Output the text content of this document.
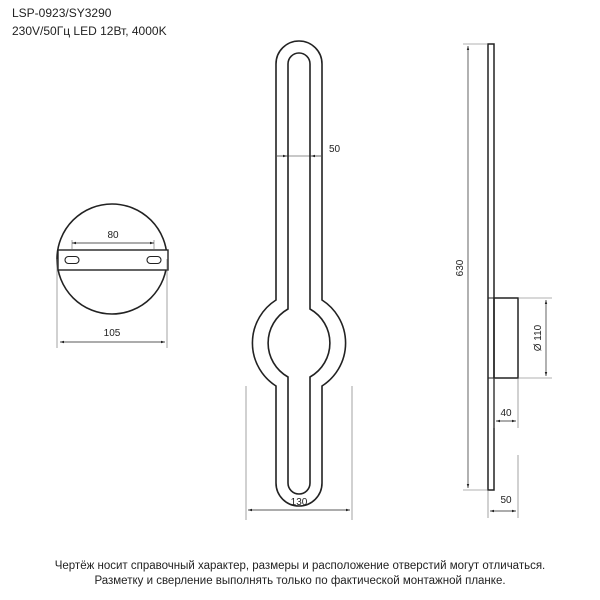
LSP-0923/SY3290
230V/50Гц LED 12Вт, 4000K
80
105
50
130
630
Ø 110
40
50
Чертёж носит справочный характер, размеры и расположение отверстий могут отличаться.
Разметку и сверление выполнять только по фактической монтажной планке.
